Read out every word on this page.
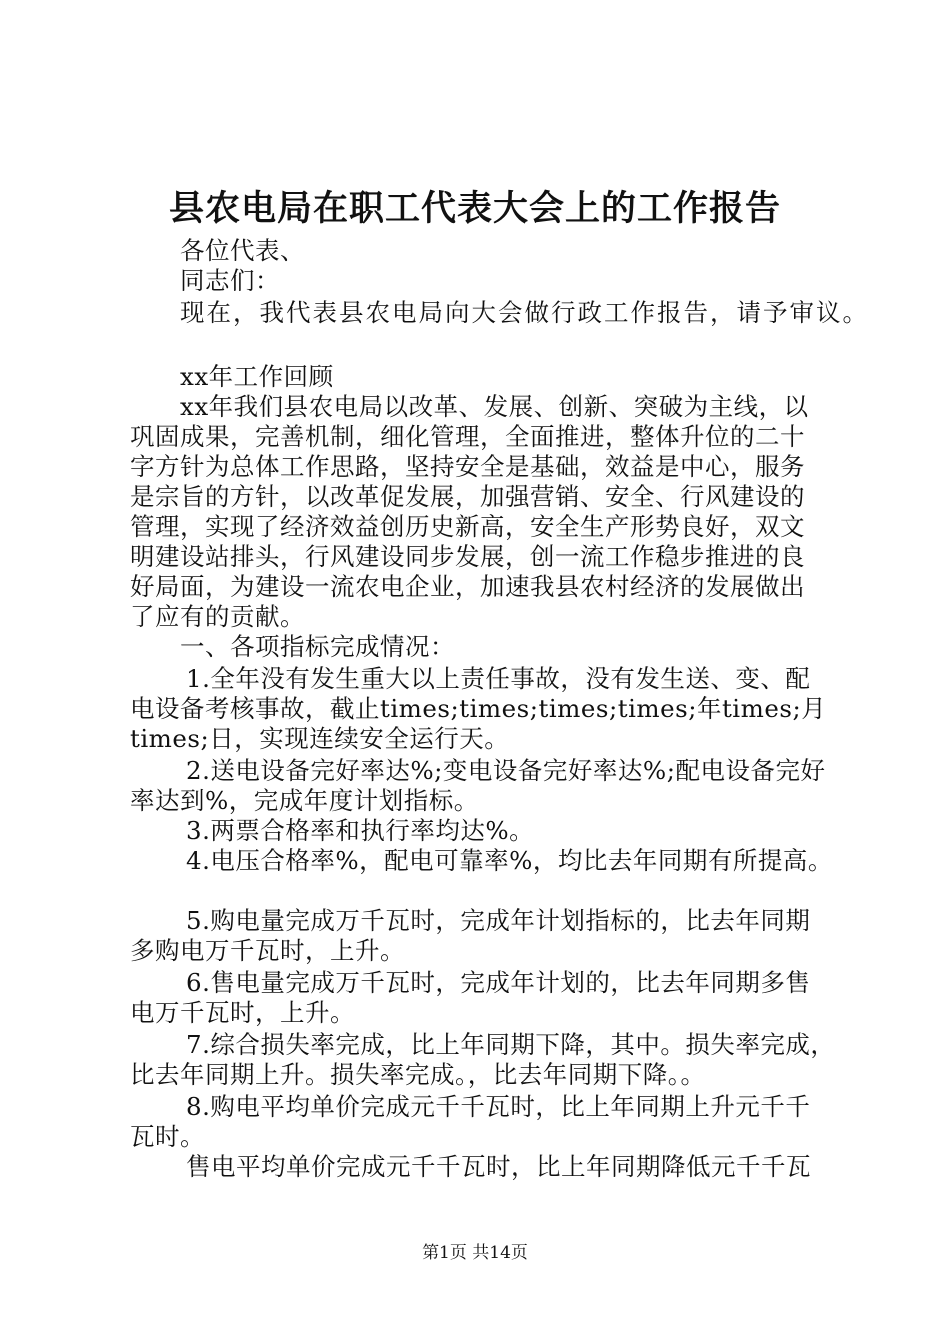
县农电局在职工代表大会上的工作报告
各位代表、
同志们：
现在，我代表县农电局向大会做行政工作报告，请予审议。
xx年工作回顾
xx年我们县农电局以改革、发展、创新、突破为主线，以
巩固成果，完善机制，细化管理，全面推进，整体升位的二十
字方针为总体工作思路，坚持安全是基础，效益是中心，服务
是宗旨的方针，以改革促发展，加强营销、安全、行风建设的
管理，实现了经济效益创历史新高，安全生产形势良好，双文
明建设站排头，行风建设同步发展，创一流工作稳步推进的良
好局面，为建设一流农电企业，加速我县农村经济的发展做出
了应有的贡献。
一、各项指标完成情况：
1.全年没有发生重大以上责任事故，没有发生送、变、配
电设备考核事故，截止times;times;times;times;年times;月
times;日，实现连续安全运行天。
2.送电设备完好率达%;变电设备完好率达%;配电设备完好
率达到%，完成年度计划指标。
3.两票合格率和执行率均达%。
4.电压合格率%，配电可靠率%，均比去年同期有所提高。
5.购电量完成万千瓦时，完成年计划指标的，比去年同期
多购电万千瓦时，上升。
6.售电量完成万千瓦时，完成年计划的，比去年同期多售
电万千瓦时，上升。
7.综合损失率完成，比上年同期下降，其中。损失率完成，
比去年同期上升。损失率完成。，比去年同期下降。。
8.购电平均单价完成元千千瓦时，比上年同期上升元千千
瓦时。
售电平均单价完成元千千瓦时，比上年同期降低元千千瓦
第1页 共14页
